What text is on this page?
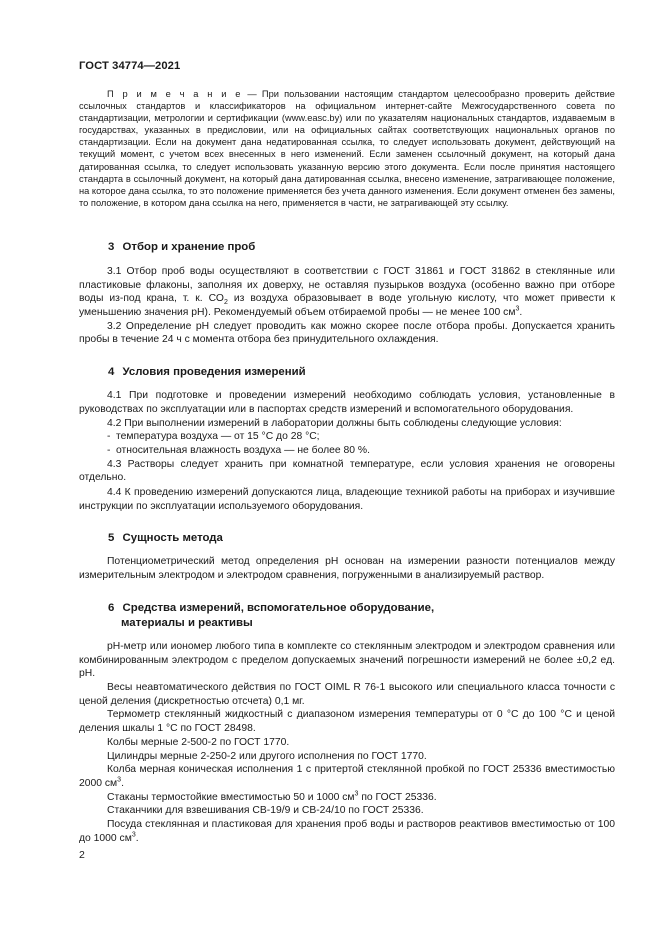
ГОСТ 34774—2021

П р и м е ч а н и е — При пользовании настоящим стандартом целесообразно проверить действие ссылочных стандартов и классификаторов на официальном интернет-сайте Межгосударственного совета по стандартизации, метрологии и сертификации (www.easc.by) или по указателям национальных стандартов, издаваемым в государствах, указанных в предисловии, или на официальных сайтах соответствующих национальных органов по стандартизации. Если на документ дана недатированная ссылка, то следует использовать документ, действующий на текущий момент, с учетом всех внесенных в него изменений. Если заменен ссылочный документ, на который дана датированная ссылка, то следует использовать указанную версию этого документа. Если после принятия настоящего стандарта в ссылочный документ, на который дана датированная ссылка, внесено изменение, затрагивающее положение, на которое дана ссылка, то это положение применяется без учета данного изменения. Если документ отменен без замены, то положение, в котором дана ссылка на него, применяется в части, не затрагивающей эту ссылку.

3 Отбор и хранение проб

3.1 Отбор проб воды осуществляют в соответствии с ГОСТ 31861 и ГОСТ 31862 в стеклянные или пластиковые флаконы, заполняя их доверху, не оставляя пузырьков воздуха (особенно важно при отборе воды из-под крана, т. к. $СО_2$ из воздуха образовывает в воде угольную кислоту, что может привести к уменьшению значения рН). Рекомендуемый объем отбираемой пробы — не менее 100 $см^3$.

3.2 Определение рН следует проводить как можно скорее после отбора пробы. Допускается хранить пробы в течение 24 ч с момента отбора без принудительного охлаждения.

4 Условия проведения измерений

4.1 При подготовке и проведении измерений необходимо соблюдать условия, установленные в руководствах по эксплуатации или в паспортах средств измерений и вспомогательного оборудования.

4.2 При выполнении измерений в лаборатории должны быть соблюдены следующие условия:

- температура воздуха — от 15 °С до 28 °С;

- относительная влажность воздуха — не более 80 %.

4.3 Растворы следует хранить при комнатной температуре, если условия хранения не оговорены отдельно.

4.4 К проведению измерений допускаются лица, владеющие техникой работы на приборах и изучившие инструкции по эксплуатации используемого оборудования.

5 Сущность метода

Потенциометрический метод определения рН основан на измерении разности потенциалов между измерительным электродом и электродом сравнения, погруженными в анализируемый раствор.

6 Средства измерений, вспомогательное оборудование,
материалы и реактивы

рН-метр или иономер любого типа в комплекте со стеклянным электродом и электродом сравнения или комбинированным электродом с пределом допускаемых значений погрешности измерений не более ±0,2 ед. рН.

Весы неавтоматического действия по ГОСТ OIML R 76-1 высокого или специального класса точности с ценой деления (дискретностью отсчета) 0,1 мг.

Термометр стеклянный жидкостный с диапазоном измерения температуры от 0 °С до 100 °С и ценой деления шкалы 1 °С по ГОСТ 28498.

Колбы мерные 2-500-2 по ГОСТ 1770.

Цилиндры мерные 2-250-2 или другого исполнения по ГОСТ 1770.

Колба мерная коническая исполнения 1 с притертой стеклянной пробкой по ГОСТ 25336 вместимостью 2000 $см^3$.

Стаканы термостойкие вместимостью 50 и 1000 $см^3$ по ГОСТ 25336.

Стаканчики для взвешивания СВ-19/9 и СВ-24/10 по ГОСТ 25336.

Посуда стеклянная и пластиковая для хранения проб воды и растворов реактивов вместимостью от 100 до 1000 $см^3$.

2
